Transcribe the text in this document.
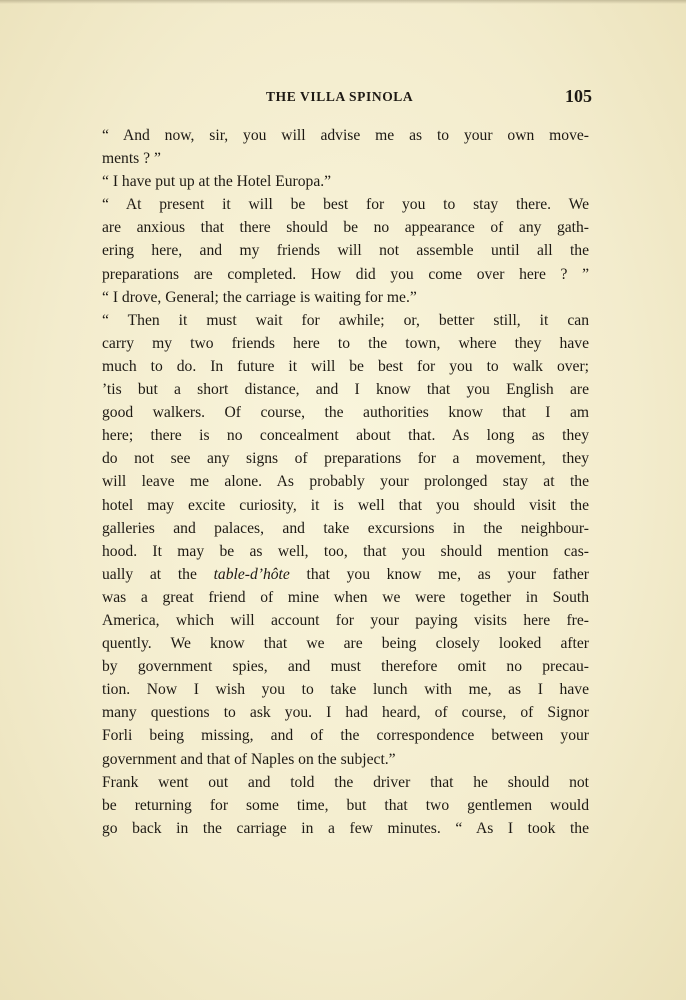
THE VILLA SPINOLA	105
“ And now, sir, you will advise me as to your own move-
ments ? ”
“ I have put up at the Hotel Europa.”
“ At present it will be best for you to stay there. We
are anxious that there should be no appearance of any gath-
ering here, and my friends will not assemble until all the
preparations are completed. How did you come over here ? ”
“ I drove, General; the carriage is waiting for me.”
“ Then it must wait for awhile; or, better still, it can
carry my two friends here to the town, where they have
much to do. In future it will be best for you to walk over;
’tis but a short distance, and I know that you English are
good walkers. Of course, the authorities know that I am
here; there is no concealment about that. As long as they
do not see any signs of preparations for a movement, they
will leave me alone. As probably your prolonged stay at the
hotel may excite curiosity, it is well that you should visit the
galleries and palaces, and take excursions in the neighbour-
hood. It may be as well, too, that you should mention cas-
ually at the table-d’hôte that you know me, as your father
was a great friend of mine when we were together in South
America, which will account for your paying visits here fre-
quently. We know that we are being closely looked after
by government spies, and must therefore omit no precau-
tion. Now I wish you to take lunch with me, as I have
many questions to ask you. I had heard, of course, of Signor
Forli being missing, and of the correspondence between your
government and that of Naples on the subject.”
Frank went out and told the driver that he should not
be returning for some time, but that two gentlemen would
go back in the carriage in a few minutes. “ As I took the
